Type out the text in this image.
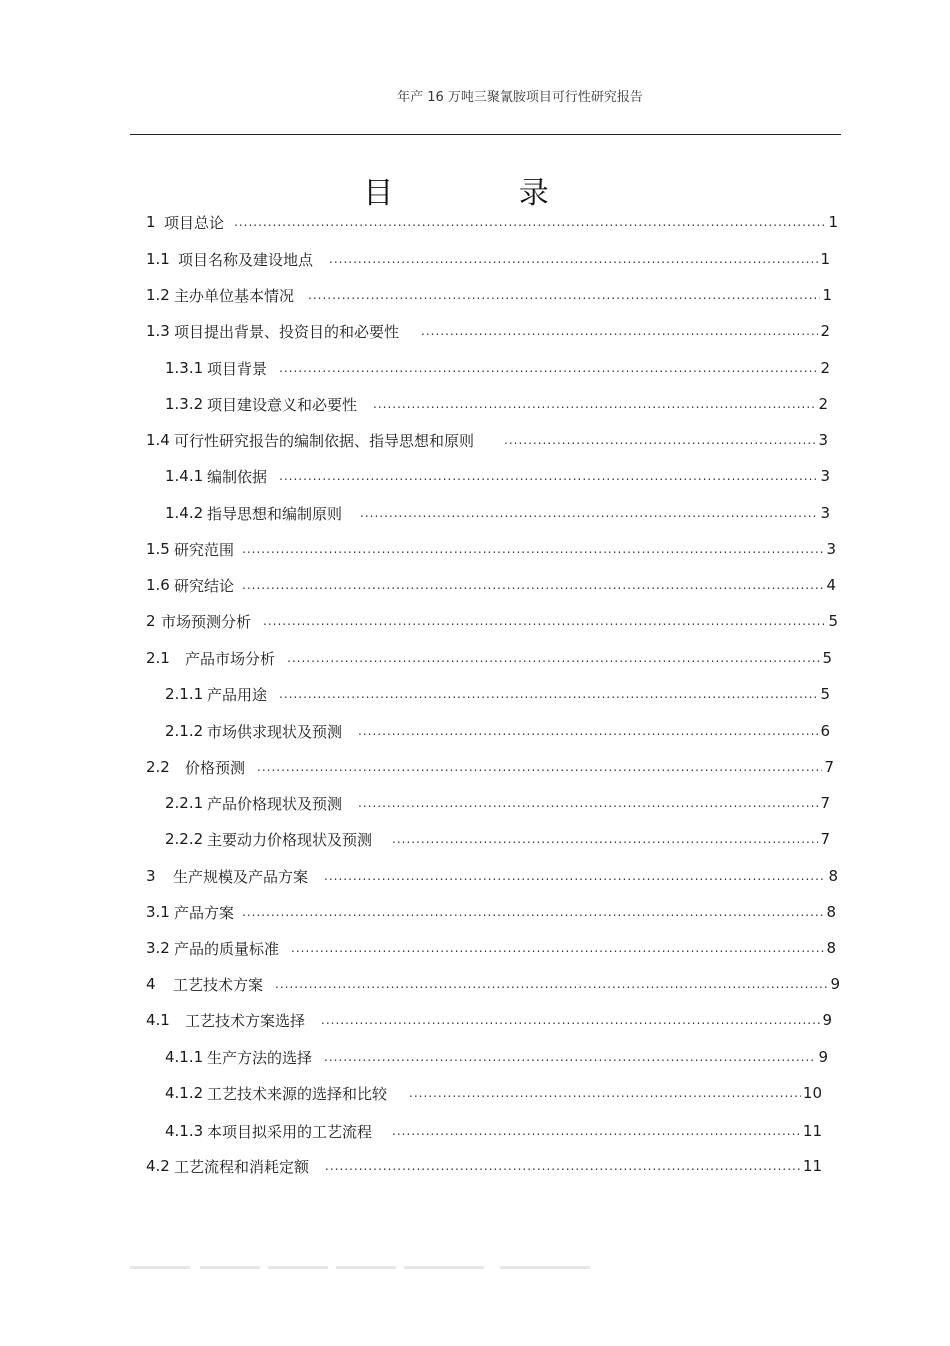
年产 16 万吨三聚氰胺项目可行性研究报告
目 录
1 项目总论 .....	1
1.1 项目名称及建设地点 .....	1
1.2 主办单位基本情况 .....	1
1.3 项目提出背景、投资目的和必要性 .....	2
1.3.1 项目背景 .....	2
1.3.2 项目建设意义和必要性 .....	2
1.4 可行性研究报告的编制依据、指导思想和原则 .....	3
1.4.1 编制依据 .....	3
1.4.2 指导思想和编制原则 .....	3
1.5 研究范围 .....	3
1.6 研究结论 .....	4
2 市场预测分析 .....	5
2.1	产品市场分析 .....	5
2.1.1 产品用途 .....	5
2.1.2 市场供求现状及预测 .....	6
2.2	价格预测 .....	7
2.2.1 产品价格现状及预测 .....	7
2.2.2 主要动力价格现状及预测 .....	7
3	生产规模及产品方案 .....	8
3.1 产品方案 .....	8
3.2 产品的质量标准 .....	8
4	工艺技术方案 .....	9
4.1	工艺技术方案选择 .....	9
4.1.1 生产方法的选择 .....	9
4.1.2 工艺技术来源的选择和比较 .....	10
4.1.3 本项目拟采用的工艺流程 .....	11
4.2 工艺流程和消耗定额 .....	11
